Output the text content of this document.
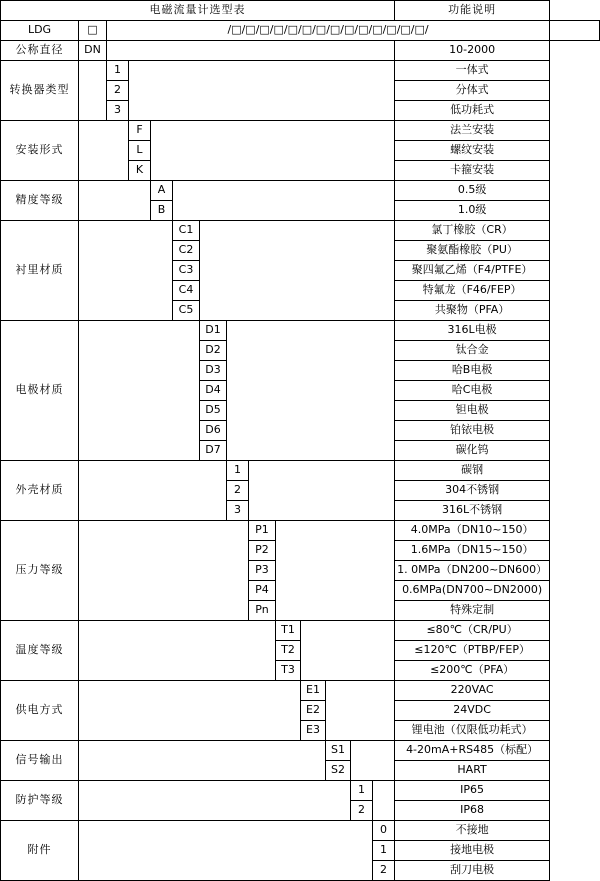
电磁流量计选型表														功能说明	
LDG	□	/□/□/□/□/□/□/□/□/□/□/□/□/□/□/													
公称直径	DN													10-2000	
转换器类型		1												一体式	
		2												分体式	
		3												低功耗式	
安装形式			F											法兰安装	
			L											螺纹安装	
			K											卡箍安装	
精度等级				A										0.5级	
				B										1.0级	
衬里材质					C1									氯丁橡胶（CR）	
					C2									聚氨酯橡胶（PU）	
					C3									聚四氟乙烯（F4/PTFE）	
					C4									特氟龙（F46/FEP）	
					C5									共聚物（PFA）	
电极材质						D1								316L电极	
						D2								钛合金	
						D3								哈B电极	
						D4								哈C电极	
						D5								钽电极	
						D6								铂铱电极	
						D7								碳化钨	
外壳材质							1							碳钢	
							2							304不锈钢	
							3							316L不锈钢	
压力等级								P1						4.0MPa（DN10~150）	
								P2						1.6MPa（DN15~150）	
								P3						1. 0MPa（DN200~DN600）	
								P4						0.6MPa(DN700~DN2000)	
								Pn						特殊定制	
温度等级									T1					≤80℃（CR/PU）	
									T2					≤120℃（PTBP/FEP）	
									T3					≤200℃（PFA）	
供电方式										E1				220VAC	
										E2				24VDC	
										E3				锂电池（仅限低功耗式）	
信号输出											S1			4-20mA+RS485（标配）	
											S2			HART	
防护等级												1		IP65	
												2		IP68	
附件													0	不接地	
													1	接地电极	
													2	刮刀电极	
